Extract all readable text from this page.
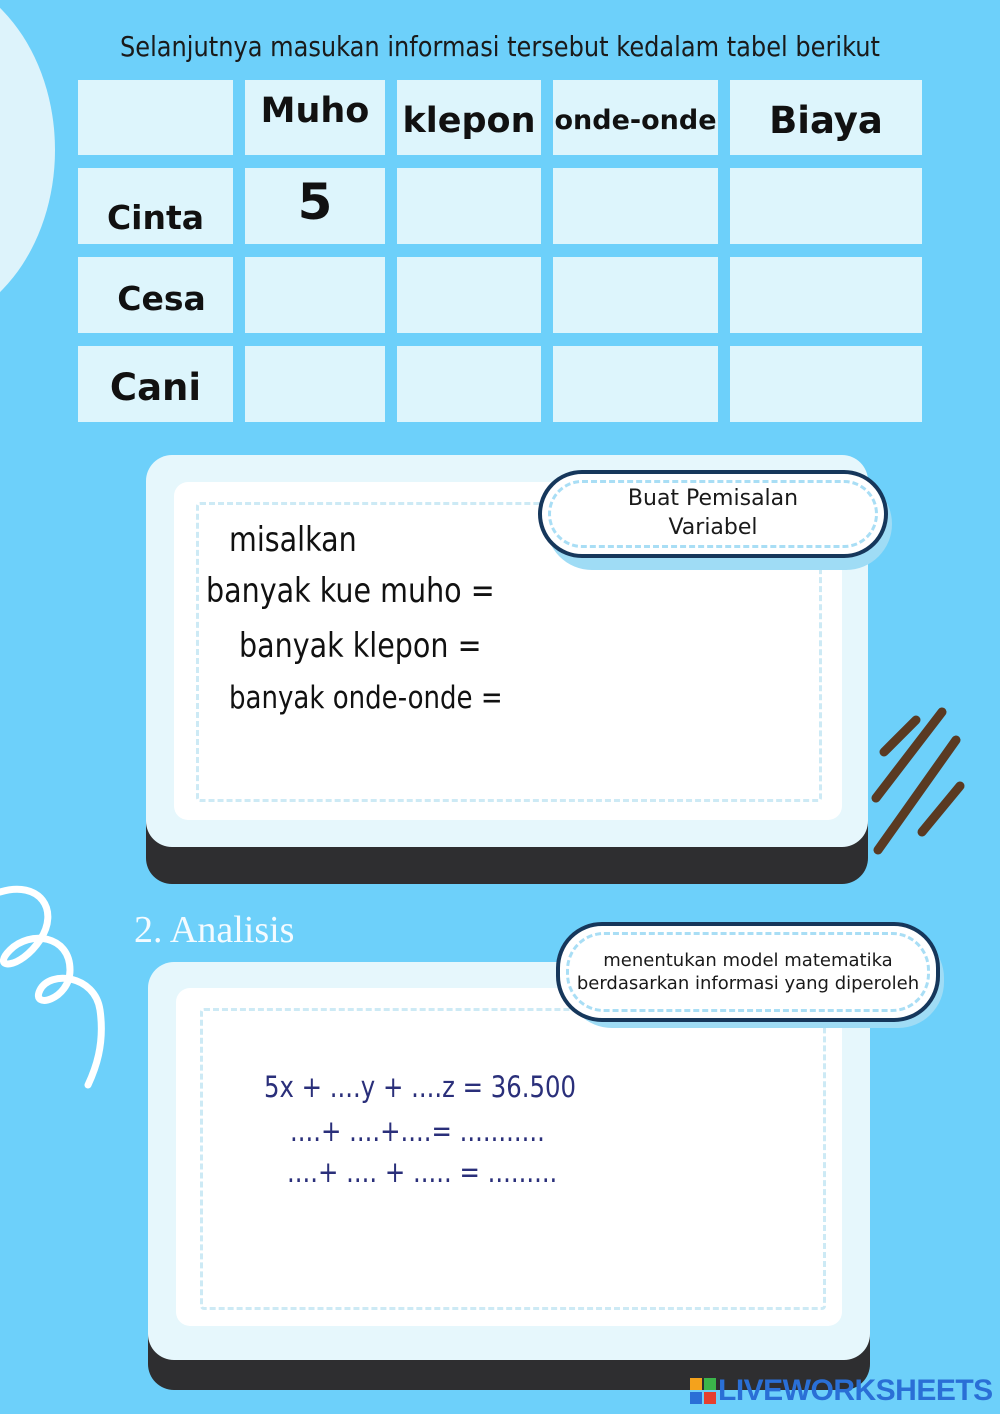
Selanjutnya masukan informasi tersebut kedalam tabel berikut
Muho klepon onde-onde	Biaya
Cinta	5
Cesa
Cani
misalkan
banyak kue muho =
banyak klepon =
banyak onde-onde =
Buat Pemisalan
Variabel
2. Analisis
5x + ....y + ....z = 36.500
....+ ....+....= ...........
....+ .... + ..... = .........
menentukan model matematika
berdasarkan informasi yang diperoleh
LIVEWORKSHEETS
